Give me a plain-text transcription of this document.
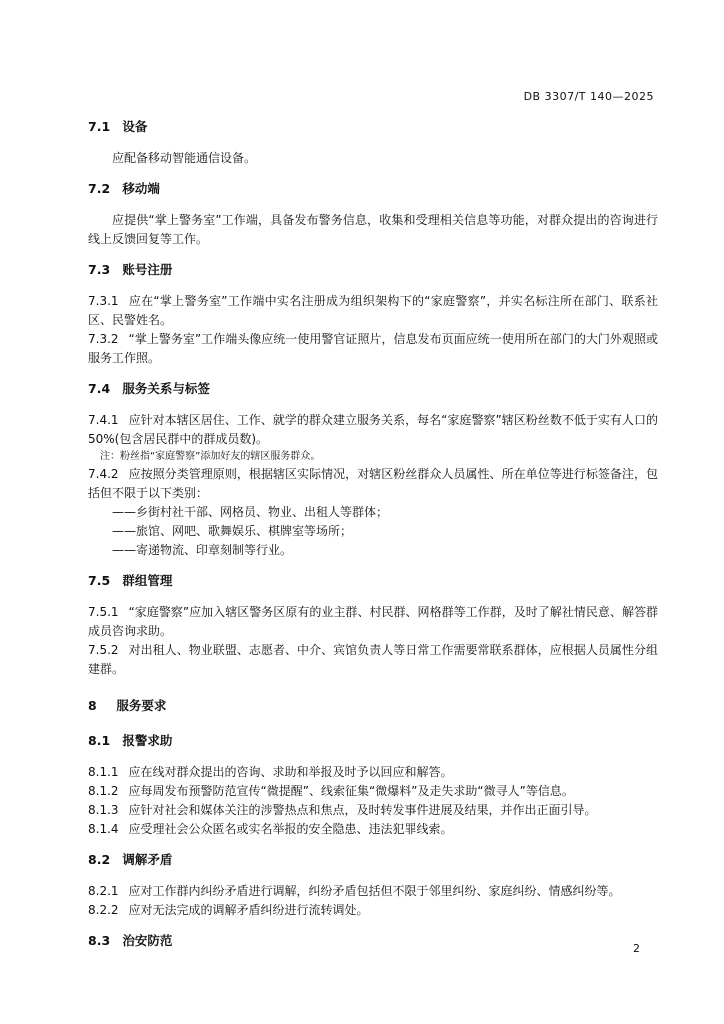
DB 3307/T 140—2025
7.1 设备

应配备移动智能通信设备。

7.2 移动端

应提供“掌上警务室”工作端，具备发布警务信息，收集和受理相关信息等功能，对群众提出的咨询进行线上反馈回复等工作。

7.3 账号注册

7.3.1 应在“掌上警务室”工作端中实名注册成为组织架构下的“家庭警察”，并实名标注所在部门、联系社区、民警姓名。

7.3.2 “掌上警务室”工作端头像应统一使用警官证照片，信息发布页面应统一使用所在部门的大门外观照或服务工作照。

7.4 服务关系与标签

7.4.1 应针对本辖区居住、工作、就学的群众建立服务关系，每名“家庭警察”辖区粉丝数不低于实有人口的50%(包含居民群中的群成员数)。

注：粉丝指“家庭警察”添加好友的辖区服务群众。

7.4.2 应按照分类管理原则，根据辖区实际情况，对辖区粉丝群众人员属性、所在单位等进行标签备注，包括但不限于以下类别：

——乡街村社干部、网格员、物业、出租人等群体；

——旅馆、网吧、歌舞娱乐、棋牌室等场所；

——寄递物流、印章刻制等行业。

7.5 群组管理

7.5.1 “家庭警察”应加入辖区警务区原有的业主群、村民群、网格群等工作群，及时了解社情民意、解答群成员咨询求助。

7.5.2 对出租人、物业联盟、志愿者、中介、宾馆负责人等日常工作需要常联系群体，应根据人员属性分组建群。

8 服务要求
8.1 报警求助

8.1.1 应在线对群众提出的咨询、求助和举报及时予以回应和解答。

8.1.2 应每周发布预警防范宣传“微提醒”、线索征集“微爆料”及走失求助“微寻人”等信息。

8.1.3 应针对社会和媒体关注的涉警热点和焦点，及时转发事件进展及结果，并作出正面引导。

8.1.4 应受理社会公众匿名或实名举报的安全隐患、违法犯罪线索。

8.2 调解矛盾

8.2.1 应对工作群内纠纷矛盾进行调解，纠纷矛盾包括但不限于邻里纠纷、家庭纠纷、情感纠纷等。

8.2.2 应对无法完成的调解矛盾纠纷进行流转调处。

8.3 治安防范
2
